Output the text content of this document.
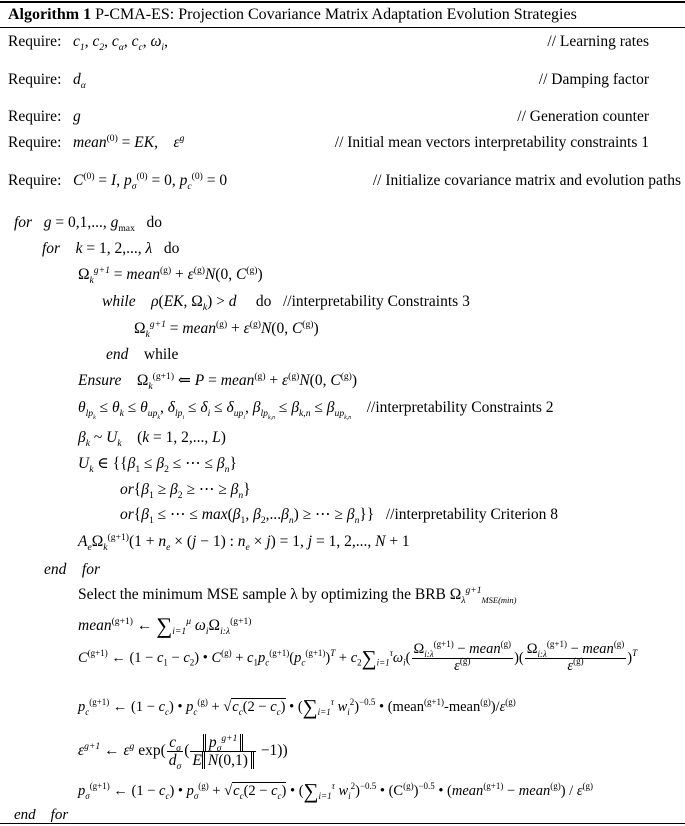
Algorithm 1 P-CMA-ES: Projection Covariance Matrix Adaptation Evolution Strategies
Require: $c_1$, $c_2$, $c_\alpha$, $c_c$, $\omega_i$,	// Learning rates
Require: $d_\alpha$	// Damping factor
Require: g	// Generation counter
Require: mean$^{(0)}$ = EK,    $\varepsilon^g$	// Initial mean vectors interpretability constraints 1
Require: $C^{(0)} = I$, $p_\sigma^{(0)} = 0$, $p_c^{(0)} = 0$	// Initialize covariance matrix and evolution paths
for g = 0,1,..., $g_{max}$ do
for k = 1, 2,..., λ do
$\Omega_k^{g+1}$ = mean$^{(g)}$ + $\varepsilon^{(g)}N(0$, $C^{(g)}$)
while ρ(EK, $\Omega_k) > d$ do //interpretability Constraints 3
$\Omega_k^{g+1}$ = mean$^{(g)}$ + $\varepsilon^{(g)}N(0$, $C^{(g)}$)
end while
Ensure    $\Omega_k^{(g+1)}$ ⇐ P = mean$^{(g)}$ + $\varepsilon^{(g)}N(0$, $C^{(g)}$)
$\theta_{lp_k} \le \theta_k \le \theta_{up_k}$, $\delta_{lp_i} \le \delta_i \le \delta_{up_i}$, $\beta_{lp_{k,n}} \le \beta_{k,n} \le \beta_{up_{k,n}}$    //interpretability Constraints 2
$\beta_k$ ~ $U_k$    (k = 1, 2,..., L)
$U_k$ ∈ {{$\beta_1 \le \beta_2$ ≤ ⋯ ≤ $\beta_n$}
$or\{\beta_1 \ge \beta_2$ ≥ ⋯ ≥ $\beta_n$}
$or\{\beta_1$ ≤ ⋯ ≤ $\max(\beta_1$, $\beta_2,...\beta_n$) ≥ ⋯ ≥ $\beta_n$}}   //interpretability Criterion 8
$A_e\Omega_k^{(g+1)}(1 + n_e \times (j - 1)$ : $n_e \times j) = 1$, j = 1, 2,..., N + 1
end for
Select the minimum MSE sample λ by optimizing the BRB $\Omega_\lambda^{g+1}_{MSE(min)}$
mean$^{(g+1)}$ ← $\sum_{i=1}^\mu$ $\omega_i\Omega_{i:\lambda}^{(g+1)}$
$C^{(g+1)}$ ← $(1 - c_1 - c_2)$ • $C^{(g)} + c_1p_c^{(g+1)}(p_c^{(g+1)})^T + c_2\sum_{i=1}^\tau\omega_i( \frac{\Omega_{i:\lambda}^{(g+1)} - mean^{(g)}}{\varepsilon^{(g)}}$ )( $\frac{\Omega_{i:\lambda}^{(g+1)} - mean^{(g)}}{\varepsilon^{(g)}} )^T$
$p_c^{(g+1)}$ ← $(1 - c_c)$ • $p_c^{(g)} + √c_c(2 - c_c)$ • ($\sum_{i=1}^\tau$ $w_i^2)^{-0.5}$ • $(mean^{(g+1)}-mean^{(g)})/\varepsilon^{(g)}$
$\varepsilon^{g+1}$ ← $\varepsilon^g$ $\exp( \frac{c_\sigma}{d_\sigma}$ ( $\frac{p_\sigma^{g+1}}{\text{E N(0,1)}} -1$))
$p_\sigma^{(g+1)}$ ← $(1 - c_c)$ • $p_\sigma^{(g)} + √c_c(2 - c_c)$ • ($\sum_{i=1}^\tau$ $w_i^2)^{-0.5}$ • $(C^{(g)})^{-0.5}$ • (mean$^{(g+1)}$ − mean$^{(g)}$) / $\varepsilon^{(g)}$
end for
